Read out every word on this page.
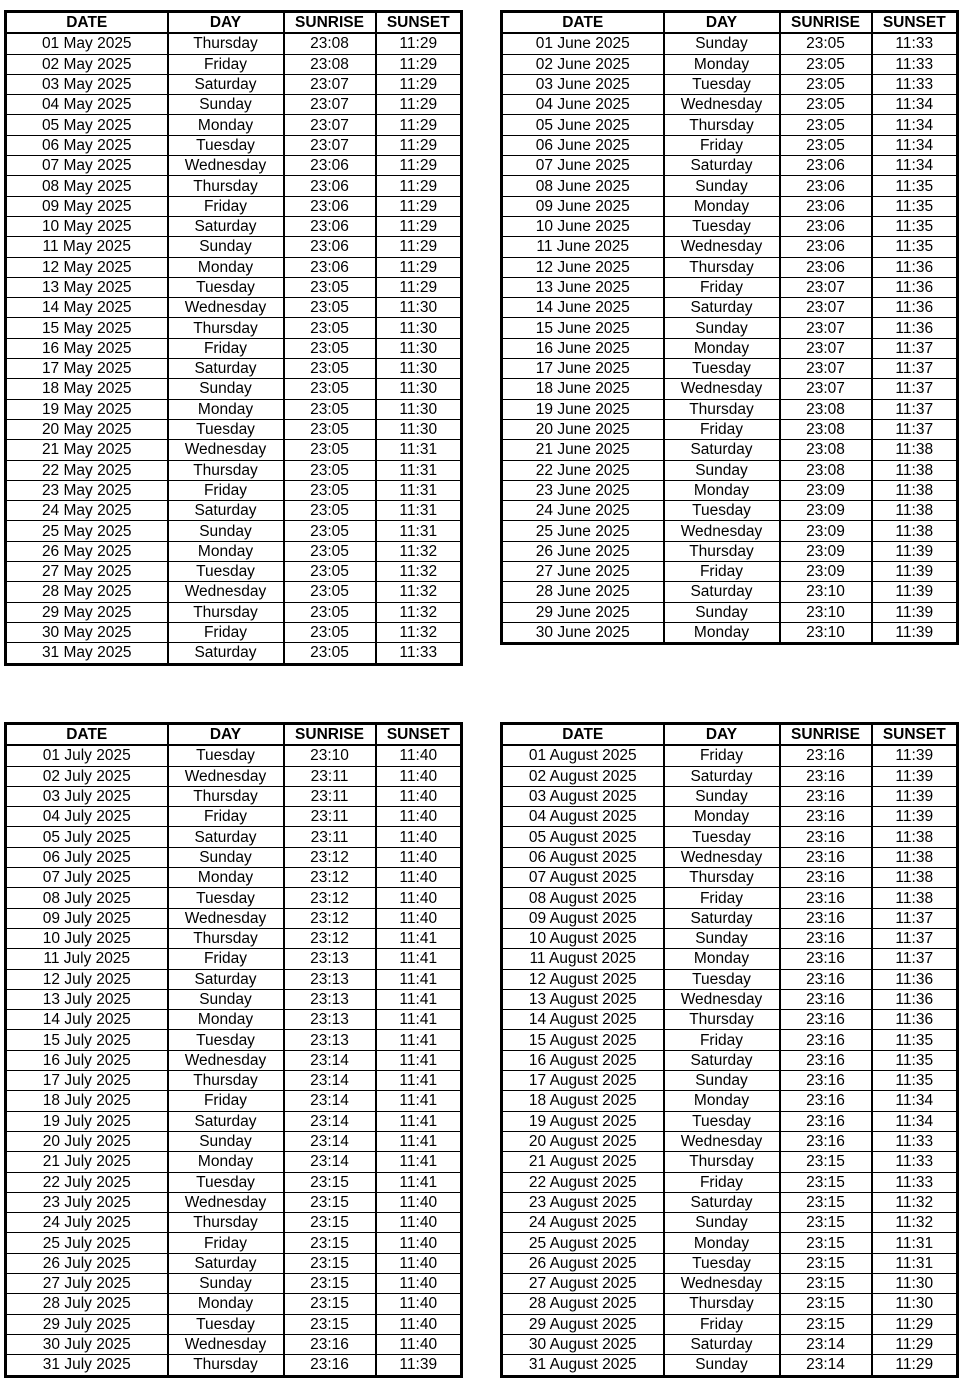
DATE	DAY	SUNRISE	SUNSET
01 May 2025	Thursday	23:08	11:29
02 May 2025	Friday	23:08	11:29
03 May 2025	Saturday	23:07	11:29
04 May 2025	Sunday	23:07	11:29
05 May 2025	Monday	23:07	11:29
06 May 2025	Tuesday	23:07	11:29
07 May 2025	Wednesday	23:06	11:29
08 May 2025	Thursday	23:06	11:29
09 May 2025	Friday	23:06	11:29
10 May 2025	Saturday	23:06	11:29
11 May 2025	Sunday	23:06	11:29
12 May 2025	Monday	23:06	11:29
13 May 2025	Tuesday	23:05	11:29
14 May 2025	Wednesday	23:05	11:30
15 May 2025	Thursday	23:05	11:30
16 May 2025	Friday	23:05	11:30
17 May 2025	Saturday	23:05	11:30
18 May 2025	Sunday	23:05	11:30
19 May 2025	Monday	23:05	11:30
20 May 2025	Tuesday	23:05	11:30
21 May 2025	Wednesday	23:05	11:31
22 May 2025	Thursday	23:05	11:31
23 May 2025	Friday	23:05	11:31
24 May 2025	Saturday	23:05	11:31
25 May 2025	Sunday	23:05	11:31
26 May 2025	Monday	23:05	11:32
27 May 2025	Tuesday	23:05	11:32
28 May 2025	Wednesday	23:05	11:32
29 May 2025	Thursday	23:05	11:32
30 May 2025	Friday	23:05	11:32
31 May 2025	Saturday	23:05	11:33
DATE	DAY	SUNRISE	SUNSET
01 June 2025	Sunday	23:05	11:33
02 June 2025	Monday	23:05	11:33
03 June 2025	Tuesday	23:05	11:33
04 June 2025	Wednesday	23:05	11:34
05 June 2025	Thursday	23:05	11:34
06 June 2025	Friday	23:05	11:34
07 June 2025	Saturday	23:06	11:34
08 June 2025	Sunday	23:06	11:35
09 June 2025	Monday	23:06	11:35
10 June 2025	Tuesday	23:06	11:35
11 June 2025	Wednesday	23:06	11:35
12 June 2025	Thursday	23:06	11:36
13 June 2025	Friday	23:07	11:36
14 June 2025	Saturday	23:07	11:36
15 June 2025	Sunday	23:07	11:36
16 June 2025	Monday	23:07	11:37
17 June 2025	Tuesday	23:07	11:37
18 June 2025	Wednesday	23:07	11:37
19 June 2025	Thursday	23:08	11:37
20 June 2025	Friday	23:08	11:37
21 June 2025	Saturday	23:08	11:38
22 June 2025	Sunday	23:08	11:38
23 June 2025	Monday	23:09	11:38
24 June 2025	Tuesday	23:09	11:38
25 June 2025	Wednesday	23:09	11:38
26 June 2025	Thursday	23:09	11:39
27 June 2025	Friday	23:09	11:39
28 June 2025	Saturday	23:10	11:39
29 June 2025	Sunday	23:10	11:39
30 June 2025	Monday	23:10	11:39
DATE	DAY	SUNRISE	SUNSET
01 July 2025	Tuesday	23:10	11:40
02 July 2025	Wednesday	23:11	11:40
03 July 2025	Thursday	23:11	11:40
04 July 2025	Friday	23:11	11:40
05 July 2025	Saturday	23:11	11:40
06 July 2025	Sunday	23:12	11:40
07 July 2025	Monday	23:12	11:40
08 July 2025	Tuesday	23:12	11:40
09 July 2025	Wednesday	23:12	11:40
10 July 2025	Thursday	23:12	11:41
11 July 2025	Friday	23:13	11:41
12 July 2025	Saturday	23:13	11:41
13 July 2025	Sunday	23:13	11:41
14 July 2025	Monday	23:13	11:41
15 July 2025	Tuesday	23:13	11:41
16 July 2025	Wednesday	23:14	11:41
17 July 2025	Thursday	23:14	11:41
18 July 2025	Friday	23:14	11:41
19 July 2025	Saturday	23:14	11:41
20 July 2025	Sunday	23:14	11:41
21 July 2025	Monday	23:14	11:41
22 July 2025	Tuesday	23:15	11:41
23 July 2025	Wednesday	23:15	11:40
24 July 2025	Thursday	23:15	11:40
25 July 2025	Friday	23:15	11:40
26 July 2025	Saturday	23:15	11:40
27 July 2025	Sunday	23:15	11:40
28 July 2025	Monday	23:15	11:40
29 July 2025	Tuesday	23:15	11:40
30 July 2025	Wednesday	23:16	11:40
31 July 2025	Thursday	23:16	11:39
DATE	DAY	SUNRISE	SUNSET
01 August 2025	Friday	23:16	11:39
02 August 2025	Saturday	23:16	11:39
03 August 2025	Sunday	23:16	11:39
04 August 2025	Monday	23:16	11:39
05 August 2025	Tuesday	23:16	11:38
06 August 2025	Wednesday	23:16	11:38
07 August 2025	Thursday	23:16	11:38
08 August 2025	Friday	23:16	11:38
09 August 2025	Saturday	23:16	11:37
10 August 2025	Sunday	23:16	11:37
11 August 2025	Monday	23:16	11:37
12 August 2025	Tuesday	23:16	11:36
13 August 2025	Wednesday	23:16	11:36
14 August 2025	Thursday	23:16	11:36
15 August 2025	Friday	23:16	11:35
16 August 2025	Saturday	23:16	11:35
17 August 2025	Sunday	23:16	11:35
18 August 2025	Monday	23:16	11:34
19 August 2025	Tuesday	23:16	11:34
20 August 2025	Wednesday	23:16	11:33
21 August 2025	Thursday	23:15	11:33
22 August 2025	Friday	23:15	11:33
23 August 2025	Saturday	23:15	11:32
24 August 2025	Sunday	23:15	11:32
25 August 2025	Monday	23:15	11:31
26 August 2025	Tuesday	23:15	11:31
27 August 2025	Wednesday	23:15	11:30
28 August 2025	Thursday	23:15	11:30
29 August 2025	Friday	23:15	11:29
30 August 2025	Saturday	23:14	11:29
31 August 2025	Sunday	23:14	11:29
